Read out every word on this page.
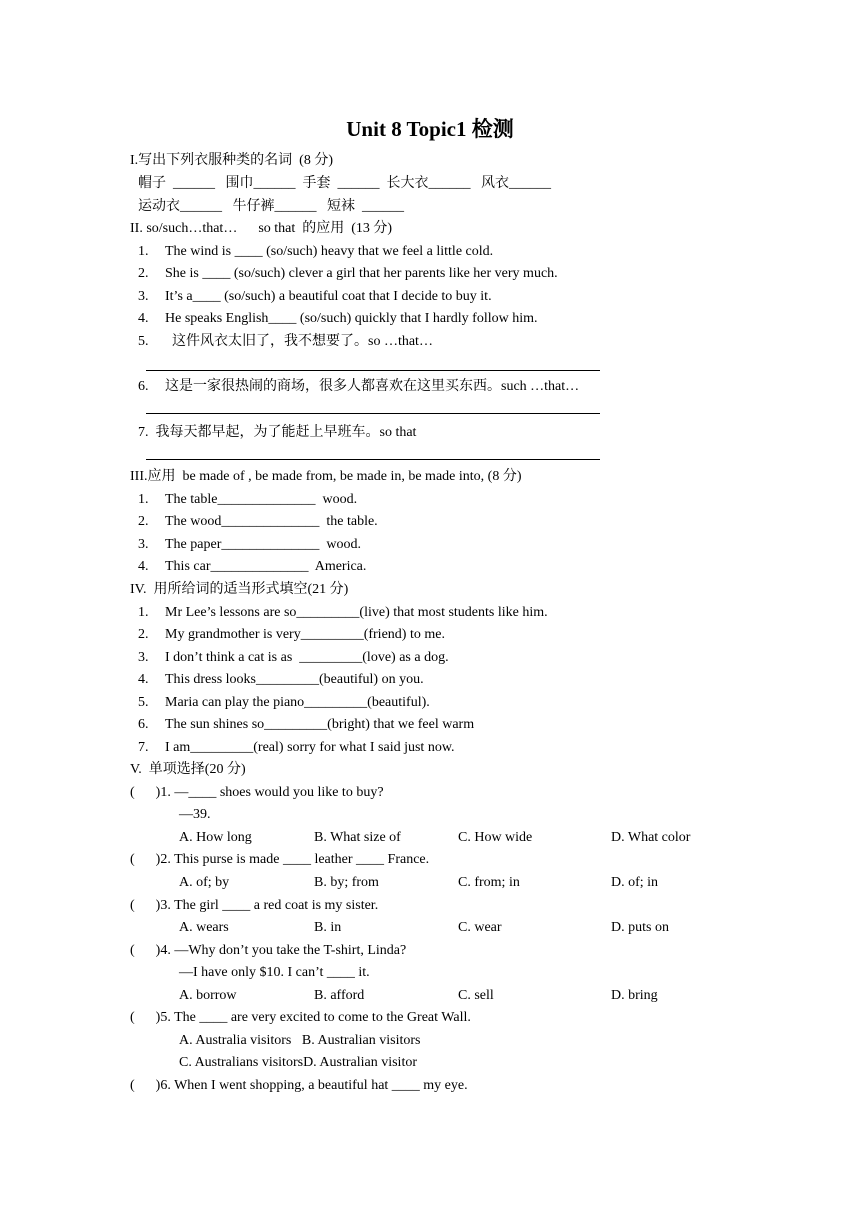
Unit 8 Topic1 检测
I.写出下列衣服种类的名词  (8 分)
帽子  ______   围巾______  手套  ______  长大衣______   风衣______
运动衣______   牛仔裤______   短袜  ______
II. so/such…that…      so that  的应用  (13 分)
1. The wind is ____ (so/such) heavy that we feel a little cold.
2. She is ____ (so/such) clever a girl that her parents like her very much.
3. It’s a____ (so/such) a beautiful coat that I decide to buy it.
4. He speaks English____ (so/such) quickly that I hardly follow him.
5.  这件风衣太旧了，我不想要了。so …that…
6. 这是一家很热闹的商场，很多人都喜欢在这里买东西。such …that…
7.  我每天都早起，为了能赶上早班车。so that
III.应用  be made of , be made from, be made in, be made into, (8 分)
1. The table______________  wood.
2. The wood______________  the table.
3. The paper______________  wood.
4. This car______________  America.
IV.  用所给词的适当形式填空(21 分)
1. Mr Lee’s lessons are so_________(live) that most students like him.
2. My grandmother is very_________(friend) to me.
3. I don’t think a cat is as  _________(love) as a dog.
4. This dress looks_________(beautiful) on you.
5. Maria can play the piano_________(beautiful).
6. The sun shines so_________(bright) that we feel warm
7. I am_________(real) sorry for what I said just now.
V.  单项选择(20 分)
(      )1. —____ shoes would you like to buy?
—39.
A. How long	B. What size of	C. How wide	D. What color
(      )2. This purse is made ____ leather ____ France.
A. of; by	B. by; from	C. from; in	D. of; in
(      )3. The girl ____ a red coat is my sister.
A. wears	B. in	C. wear	D. puts on
(      )4. —Why don’t you take the T-shirt, Linda?
—I have only $10. I can’t ____ it.
A. borrow	B. afford	C. sell	D. bring
(      )5. The ____ are very excited to come to the Great Wall.
A. Australia visitors B. Australian visitors
C. Australians visitorsD. Australian visitor
(      )6. When I went shopping, a beautiful hat ____ my eye.
